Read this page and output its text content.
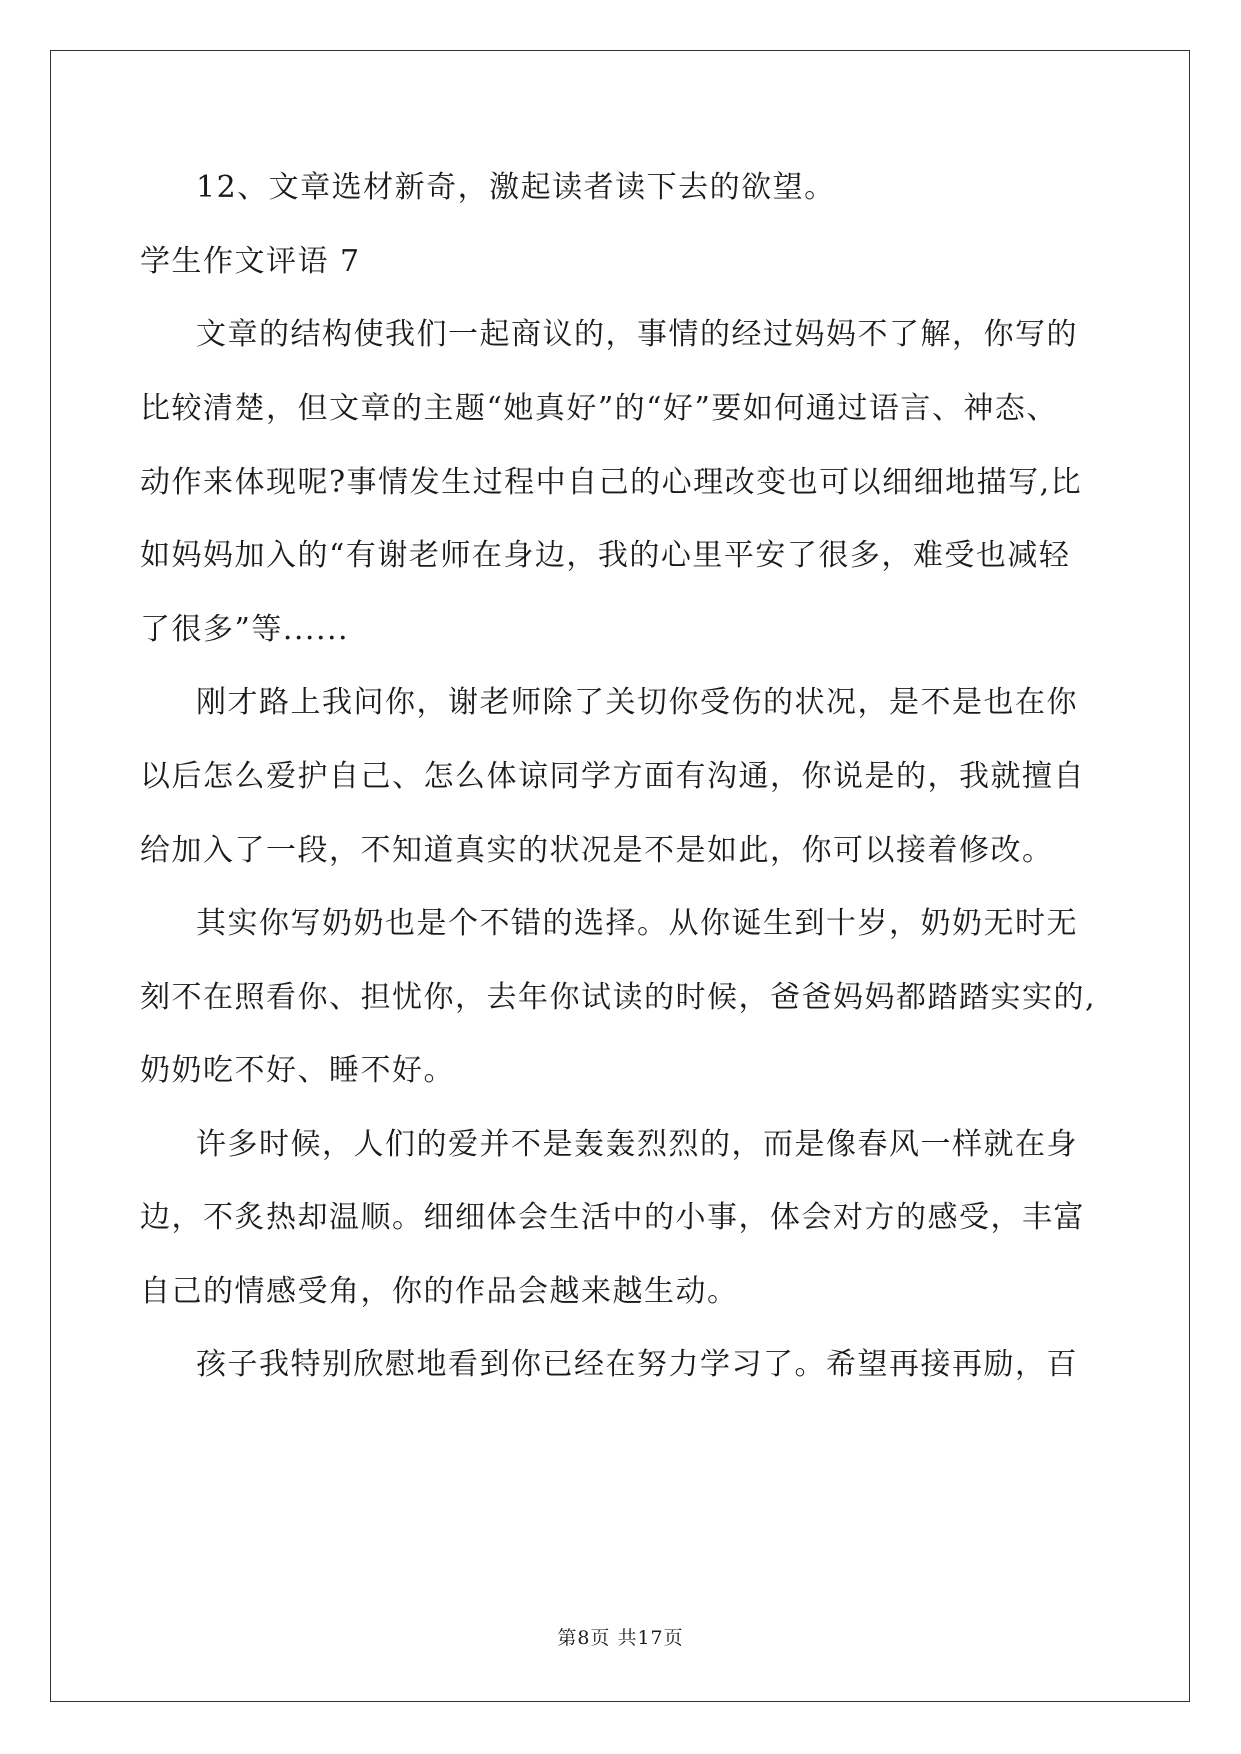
12、文章选材新奇，激起读者读下去的欲望。

学生作文评语 7

文章的结构使我们一起商议的，事情的经过妈妈不了解，你写的

比较清楚，但文章的主题“她真好”的“好”要如何通过语言、神态、

动作来体现呢?事情发生过程中自己的心理改变也可以细细地描写,比

如妈妈加入的“有谢老师在身边，我的心里平安了很多，难受也减轻

了很多”等......

刚才路上我问你，谢老师除了关切你受伤的状况，是不是也在你

以后怎么爱护自己、怎么体谅同学方面有沟通，你说是的，我就擅自

给加入了一段，不知道真实的状况是不是如此，你可以接着修改。

其实你写奶奶也是个不错的选择。从你诞生到十岁，奶奶无时无

刻不在照看你、担忧你，去年你试读的时候，爸爸妈妈都踏踏实实的,

奶奶吃不好、睡不好。

许多时候，人们的爱并不是轰轰烈烈的，而是像春风一样就在身

边，不炙热却温顺。细细体会生活中的小事，体会对方的感受，丰富

自己的情感受角，你的作品会越来越生动。

孩子我特别欣慰地看到你已经在努力学习了。希望再接再励，百

第8页 共17页
